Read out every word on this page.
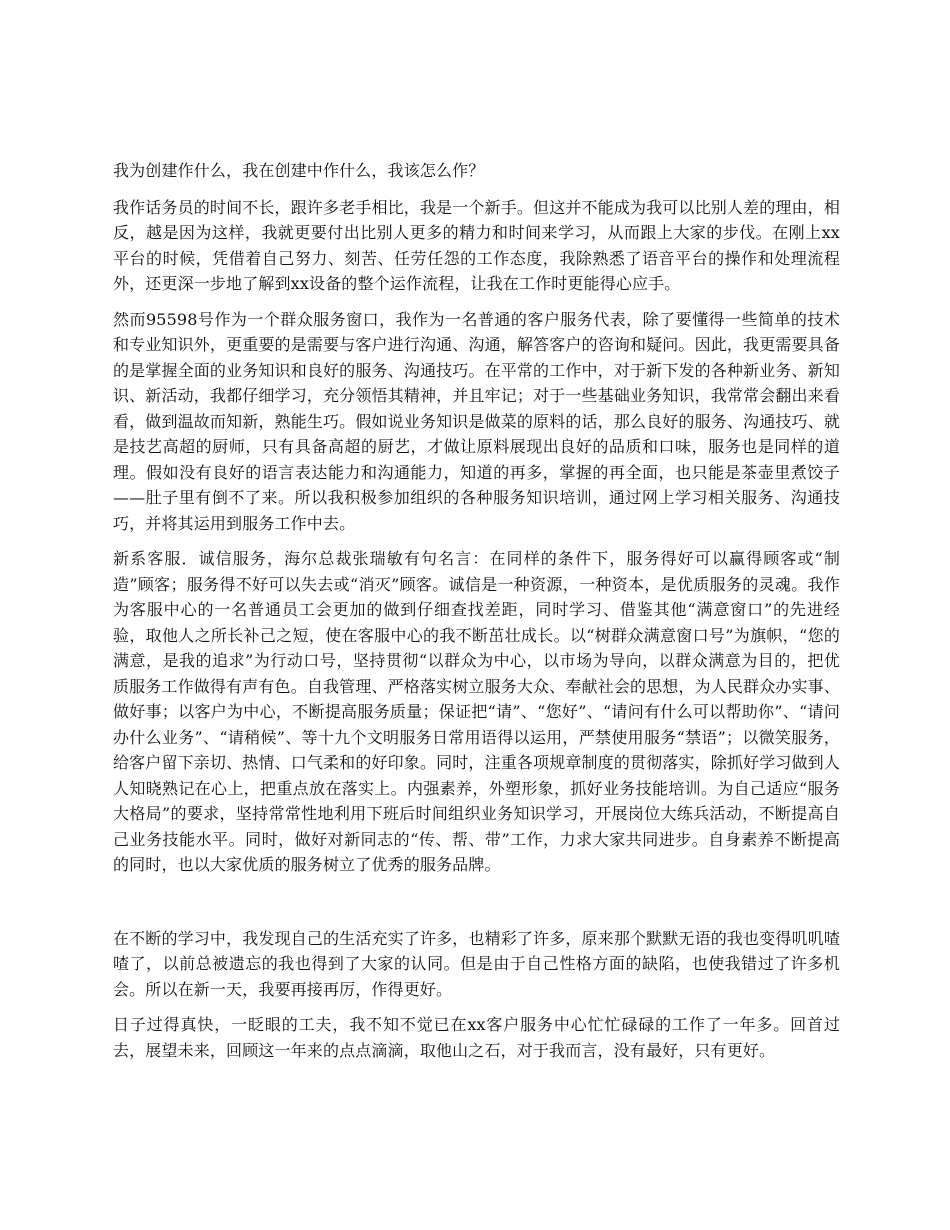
我为创建作什么，我在创建中作什么，我该怎么作？

我作话务员的时间不长，跟许多老手相比，我是一个新手。但这并不能成为我可以比别人差的理由，相反，越是因为这样，我就更要付出比别人更多的精力和时间来学习，从而跟上大家的步伐。在刚上xx平台的时候，凭借着自己努力、刻苦、任劳任怨的工作态度，我除熟悉了语音平台的操作和处理流程外，还更深一步地了解到xx设备的整个运作流程，让我在工作时更能得心应手。

然而95598号作为一个群众服务窗口，我作为一名普通的客户服务代表，除了要懂得一些简单的技术和专业知识外，更重要的是需要与客户进行沟通、沟通，解答客户的咨询和疑问。因此，我更需要具备的是掌握全面的业务知识和良好的服务、沟通技巧。在平常的工作中，对于新下发的各种新业务、新知识、新活动，我都仔细学习，充分领悟其精神，并且牢记；对于一些基础业务知识，我常常会翻出来看看，做到温故而知新，熟能生巧。假如说业务知识是做菜的原料的话，那么良好的服务、沟通技巧、就是技艺高超的厨师，只有具备高超的厨艺，才做让原料展现出良好的品质和口味，服务也是同样的道理。假如没有良好的语言表达能力和沟通能力，知道的再多，掌握的再全面，也只能是茶壶里煮饺子——肚子里有倒不了来。所以我积极参加组织的各种服务知识培训，通过网上学习相关服务、沟通技巧，并将其运用到服务工作中去。

新系客服．诚信服务，海尔总裁张瑞敏有句名言：在同样的条件下，服务得好可以赢得顾客或“制造”顾客；服务得不好可以失去或“消灭”顾客。诚信是一种资源，一种资本，是优质服务的灵魂。我作为客服中心的一名普通员工会更加的做到仔细查找差距，同时学习、借鉴其他“满意窗口”的先进经验，取他人之所长补己之短，使在客服中心的我不断茁壮成长。以“树群众满意窗口号”为旗帜，“您的满意，是我的追求”为行动口号，坚持贯彻“以群众为中心，以市场为导向，以群众满意为目的，把优质服务工作做得有声有色。自我管理、严格落实树立服务大众、奉献社会的思想，为人民群众办实事、做好事；以客户为中心，不断提高服务质量；保证把“请”、“您好”、“请问有什么可以帮助你”、“请问办什么业务”、“请稍候”、等十九个文明服务日常用语得以运用，严禁使用服务“禁语”；以微笑服务，给客户留下亲切、热情、口气柔和的好印象。同时，注重各项规章制度的贯彻落实，除抓好学习做到人人知晓熟记在心上，把重点放在落实上。内强素养，外塑形象，抓好业务技能培训。为自己适应“服务大格局”的要求，坚持常常性地利用下班后时间组织业务知识学习，开展岗位大练兵活动，不断提高自己业务技能水平。同时，做好对新同志的“传、帮、带”工作，力求大家共同进步。自身素养不断提高的同时，也以大家优质的服务树立了优秀的服务品牌。

在不断的学习中，我发现自己的生活充实了许多，也精彩了许多，原来那个默默无语的我也变得叽叽喳喳了，以前总被遗忘的我也得到了大家的认同。但是由于自己性格方面的缺陷，也使我错过了许多机会。所以在新一天，我要再接再厉，作得更好。

日子过得真快，一眨眼的工夫，我不知不觉已在xx客户服务中心忙忙碌碌的工作了一年多。回首过去，展望未来，回顾这一年来的点点滴滴，取他山之石，对于我而言，没有最好，只有更好。
